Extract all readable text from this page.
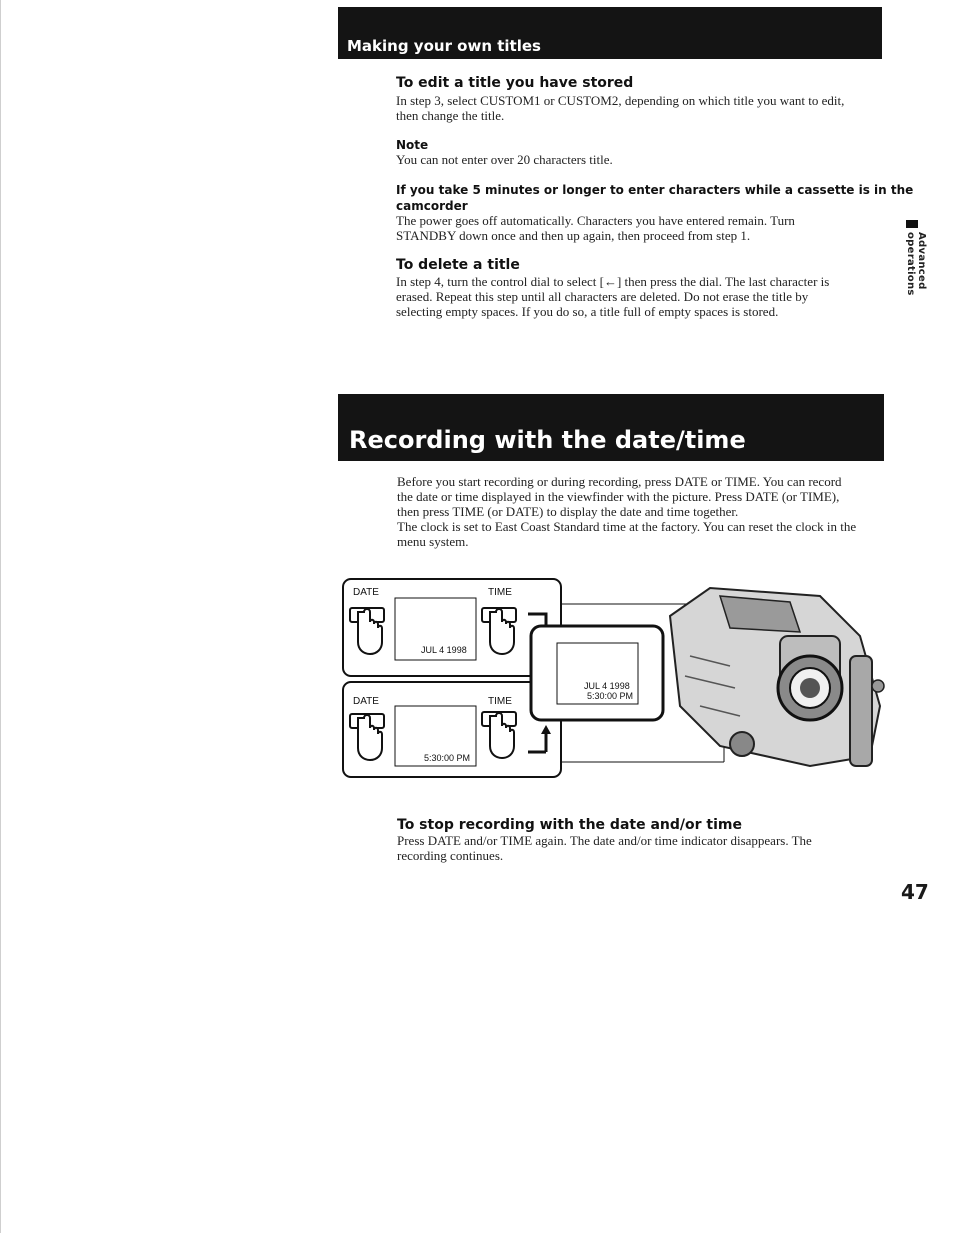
Making your own titles
To edit a title you have stored
In step 3, select CUSTOM1 or CUSTOM2, depending on which title you want to edit,
then change the title.
Note
You can not enter over 20 characters title.
If you take 5 minutes or longer to enter characters while a cassette is in the
camcorder
The power goes off automatically. Characters you have entered remain. Turn
STANDBY down once and then up again, then proceed from step 1.
To delete a title
In step 4, turn the control dial to select [←] then press the dial. The last character is
erased. Repeat this step until all characters are deleted. Do not erase the title by
selecting empty spaces. If you do so, a title full of empty spaces is stored.
Advanced operations
Recording with the date/time
Before you start recording or during recording, press DATE or TIME. You can record
the date or time displayed in the viewfinder with the picture. Press DATE (or TIME),
then press TIME (or DATE) to display the date and time together.
The clock is set to East Coast Standard time at the factory. You can reset the clock in the
menu system.
DATE	TIME
JUL 4 1998
DATE	TIME
5:30:00 PM
JUL 4 1998
5:30:00 PM
To stop recording with the date and/or time
Press DATE and/or TIME again. The date and/or time indicator disappears. The
recording continues.
47
